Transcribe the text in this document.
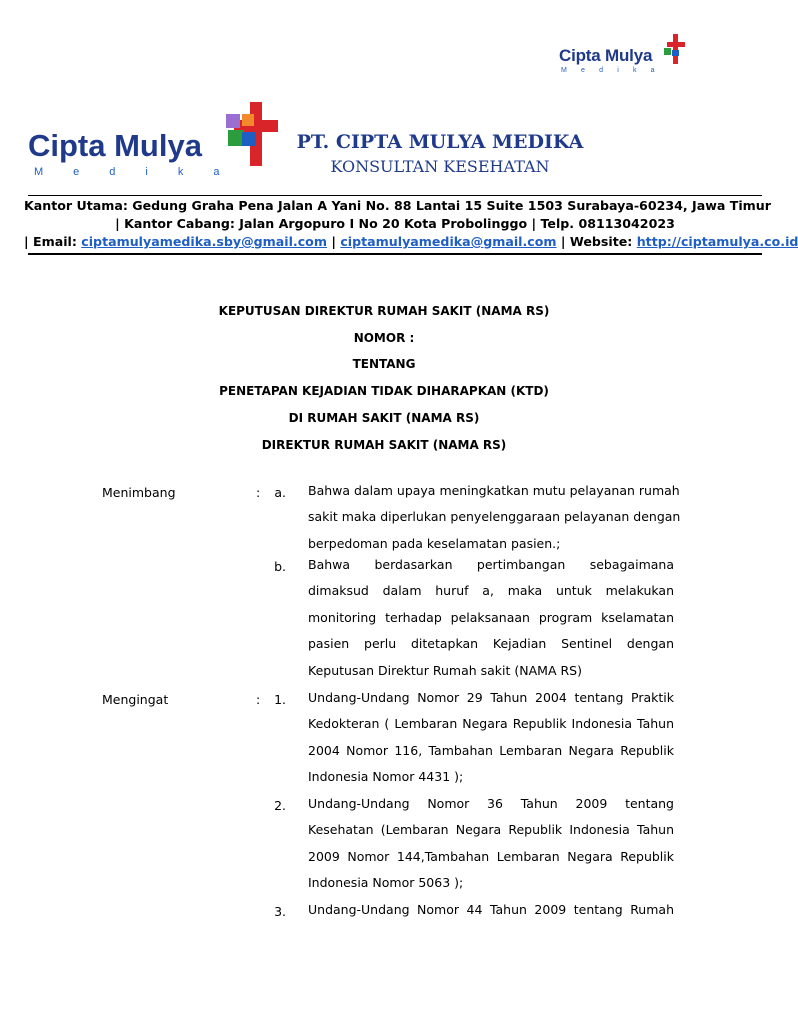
Cipta Mulya
Medika
Cipta Mulya
Medika
PT. CIPTA MULYA MEDIKA
KONSULTAN KESEHATAN
Kantor Utama: Gedung Graha Pena Jalan A Yani No. 88 Lantai 15 Suite 1503 Surabaya-60234, Jawa Timur
| Kantor Cabang: Jalan Argopuro I No 20 Kota Probolinggo | Telp. 08113042023
| Email: ciptamulyamedika.sby@gmail.com | ciptamulyamedika@gmail.com | Website: http://ciptamulya.co.id
KEPUTUSAN DIREKTUR RUMAH SAKIT (NAMA RS)
NOMOR :
TENTANG
PENETAPAN KEJADIAN TIDAK DIHARAPKAN (KTD)
DI RUMAH SAKIT (NAMA RS)
DIREKTUR RUMAH SAKIT (NAMA RS)
Menimbang	:	a. Bahwa dalam upaya meningkatkan mutu pelayanan rumah
sakit maka diperlukan penyelenggaraan pelayanan dengan
berpedoman pada keselamatan pasien.;
b. Bahwa berdasarkan pertimbangan sebagaimana
dimaksud dalam huruf a, maka untuk melakukan
monitoring terhadap pelaksanaan program kselamatan
pasien perlu ditetapkan Kejadian Sentinel dengan
Keputusan Direktur Rumah sakit (NAMA RS)
Mengingat	:	1. Undang-Undang Nomor 29 Tahun 2004 tentang Praktik
Kedokteran ( Lembaran Negara Republik Indonesia Tahun
2004 Nomor 116, Tambahan Lembaran Negara Republik
Indonesia Nomor 4431 );
2. Undang-Undang Nomor 36 Tahun 2009 tentang
Kesehatan (Lembaran Negara Republik Indonesia Tahun
2009 Nomor 144,Tambahan Lembaran Negara Republik
Indonesia Nomor 5063 );
3. Undang-Undang Nomor 44 Tahun 2009 tentang Rumah
